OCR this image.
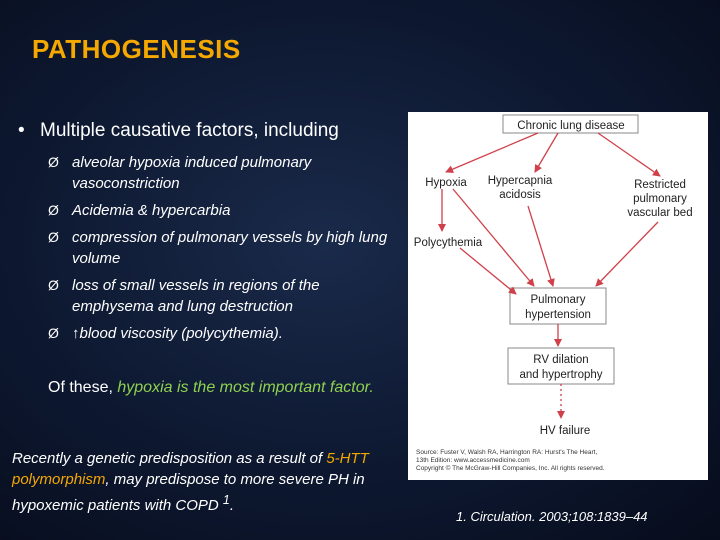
PATHOGENESIS
• Multiple causative factors, including
Ø alveolar hypoxia induced pulmonary vasoconstriction
Ø Acidemia & hypercarbia
Ø compression of pulmonary vessels by high lung volume
Ø loss of small vessels in regions of the emphysema and lung destruction
Ø ↑blood viscosity (polycythemia).
Of these, hypoxia is the most important factor.
Recently a genetic predisposition as a result of 5-HTT polymorphism, may predispose to more severe PH in hypoxemic patients with COPD $^1$.
1. Circulation. 2003;108:1839–44
Chronic lung disease
Hypoxia Hypercapnia
acidosis
Restricted
pulmonary
vascular bed
Polycythemia
Pulmonary
hypertension
RV dilation
and hypertrophy
HV failure
Source: Fuster V, Walsh RA, Harrington RA: Hurst's The Heart,
13th Edition: www.accessmedicine.com
Copyright © The McGraw-Hill Companies, Inc. All rights reserved.
